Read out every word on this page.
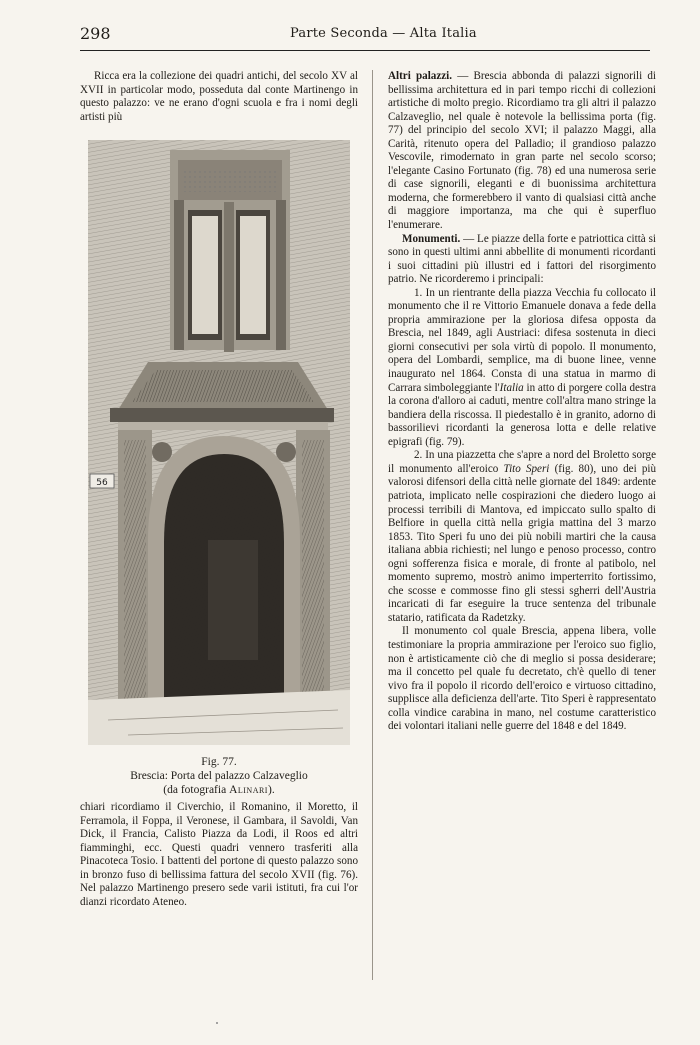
298	Parte Seconda — Alta Italia

Ricca era la collezione dei quadri antichi, del secolo XV al XVII in particolar modo, posseduta dal conte Martinengo in questo palazzo: ve ne erano d'ogni scuola e fra i nomi degli artisti più

56
Fig. 77.
Brescia: Porta del palazzo Calzaveglio
(da fotografia Alinari).

chiari ricordiamo il Civerchio, il Romanino, il Moretto, il Ferramola, il Foppa, il Veronese, il Gambara, il Savoldi, Van Dick, il Francia, Calisto Piazza da Lodi, il Roos ed altri fiamminghi, ecc. Questi quadri vennero trasferiti alla Pinacoteca Tosio. I battenti del portone di questo palazzo sono in bronzo fuso di bellissima fattura del secolo XVII (fig. 76). Nel palazzo Martinengo presero sede varii istituti, fra cui l'or dianzi ricordato Ateneo.

Altri palazzi. — Brescia abbonda di palazzi signorili di bellissima architettura ed in pari tempo ricchi di collezioni artistiche di molto pregio. Ricordiamo tra gli altri il palazzo Calzaveglio, nel quale è notevole la bellissima porta (fig. 77) del principio del secolo XVI; il palazzo Maggi, alla Carità, ritenuto opera del Palladio; il grandioso palazzo Vescovile, rimodernato in gran parte nel secolo scorso; l'elegante Casino Fortunato (fig. 78) ed una numerosa serie di case signorili, eleganti e di buonissima architettura moderna, che formerebbero il vanto di qualsiasi città anche di maggiore importanza, ma che qui è superfluo l'enumerare.

Monumenti. — Le piazze della forte e patriottica città si sono in questi ultimi anni abbellite di monumenti ricordanti i suoi cittadini più illustri ed i fattori del risorgimento patrio. Ne ricorderemo i principali:

1. In un rientrante della piazza Vecchia fu collocato il monumento che il re Vittorio Emanuele donava a fede della propria ammirazione per la gloriosa difesa opposta da Brescia, nel 1849, agli Austriaci: difesa sostenuta in dieci giorni consecutivi per sola virtù di popolo. Il monumento, opera del Lombardi, semplice, ma di buone linee, venne inaugurato nel 1864. Consta di una statua in marmo di Carrara simboleggiante l'Italia in atto di porgere colla destra la corona d'alloro ai caduti, mentre coll'altra mano stringe la bandiera della riscossa. Il piedestallo è in granito, adorno di bassorilievi ricordanti la generosa lotta e delle relative epigrafi (fig. 79).

2. In una piazzetta che s'apre a nord del Broletto sorge il monumento all'eroico Tito Speri (fig. 80), uno dei più valorosi difensori della città nelle giornate del 1849: ardente patriota, implicato nelle cospirazioni che diedero luogo ai processi terribili di Mantova, ed impiccato sullo spalto di Belfiore in quella città nella grigia mattina del 3 marzo 1853. Tito Speri fu uno dei più nobili martiri che la causa italiana abbia richiesti; nel lungo e penoso processo, contro ogni sofferenza fisica e morale, di fronte al patibolo, nel momento supremo, mostrò animo imperterrito fortissimo, che scosse e commosse fino gli stessi sgherri dell'Austria incaricati di far eseguire la truce sentenza del tribunale statario, ratificata da Radetzky.

Il monumento col quale Brescia, appena libera, volle testimoniare la propria ammirazione per l'eroico suo figlio, non è artisticamente ciò che di meglio si possa desiderare; ma il concetto pel quale fu decretato, ch'è quello di tener vivo fra il popolo il ricordo dell'eroico e virtuoso cittadino, supplisce alla deficienza dell'arte. Tito Speri è rappresentato colla vindice carabina in mano, nel costume caratteristico dei volontari italiani nelle guerre del 1848 e del 1849.
